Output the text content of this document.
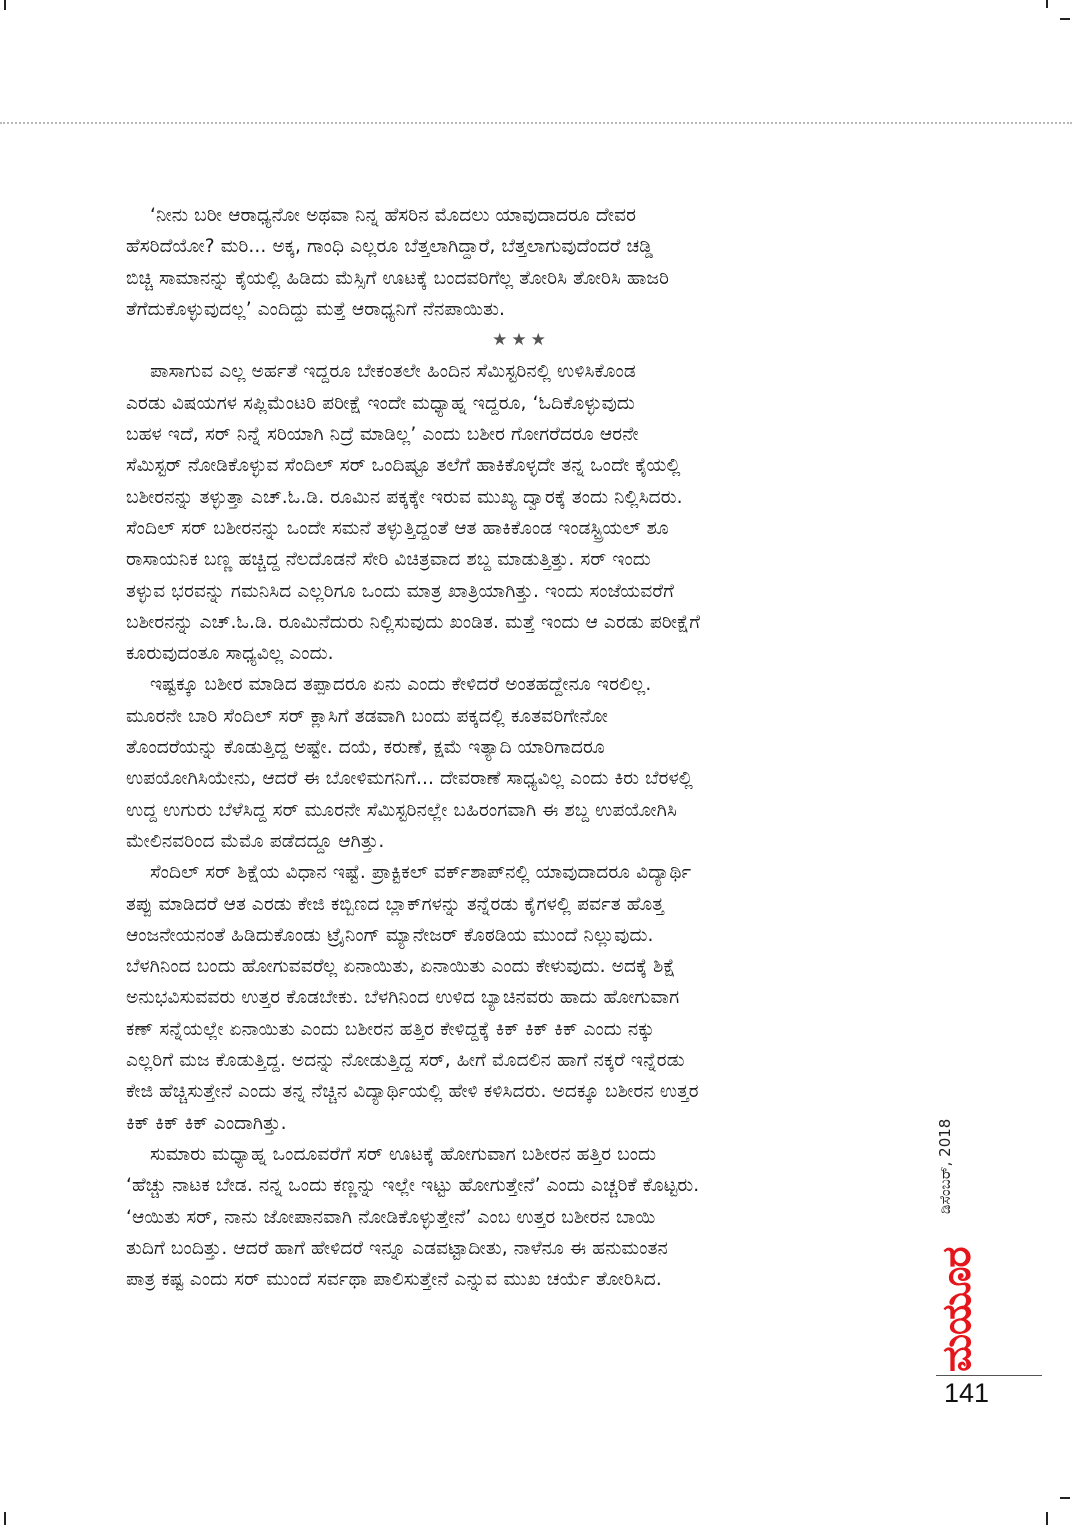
‘ನೀನು ಬರೀ ಆರಾಧ್ಯನೋ ಅಥವಾ ನಿನ್ನ ಹೆಸರಿನ ಮೊದಲು ಯಾವುದಾದರೂ ದೇವರ
ಹೆಸರಿದೆಯೋ? ಮರಿ... ಅಕ್ಕ, ಗಾಂಧಿ ಎಲ್ಲರೂ ಬೆತ್ತಲಾಗಿದ್ದಾರೆ, ಬೆತ್ತಲಾಗುವುದೆಂದರೆ ಚಡ್ಡಿ
ಬಿಚ್ಚಿ ಸಾಮಾನನ್ನು ಕೈಯಲ್ಲಿ ಹಿಡಿದು ಮೆಸ್ಸಿಗೆ ಊಟಕ್ಕೆ ಬಂದವರಿಗೆಲ್ಲ ತೋರಿಸಿ ತೋರಿಸಿ ಹಾಜರಿ
ತೆಗೆದುಕೊಳ್ಳುವುದಲ್ಲ’ ಎಂದಿದ್ದು ಮತ್ತೆ ಆರಾಧ್ಯನಿಗೆ ನೆನಪಾಯಿತು.
★★★
ಪಾಸಾಗುವ ಎಲ್ಲ ಅರ್ಹತೆ ಇದ್ದರೂ ಬೇಕಂತಲೇ ಹಿಂದಿನ ಸೆಮಿಸ್ಟರಿನಲ್ಲಿ ಉಳಿಸಿಕೊಂಡ
ಎರಡು ವಿಷಯಗಳ ಸಪ್ಲಿಮೆಂಟರಿ ಪರೀಕ್ಷೆ ಇಂದೇ ಮಧ್ಯಾಹ್ನ ಇದ್ದರೂ, ‘ಓದಿಕೊಳ್ಳುವುದು
ಬಹಳ ಇದೆ, ಸರ್ ನಿನ್ನೆ ಸರಿಯಾಗಿ ನಿದ್ರೆ ಮಾಡಿಲ್ಲ’ ಎಂದು ಬಶೀರ ಗೋಗರೆದರೂ ಆರನೇ
ಸೆಮಿಸ್ಟರ್ ನೋಡಿಕೊಳ್ಳುವ ಸೆಂದಿಲ್ ಸರ್ ಒಂದಿಷ್ಟೂ ತಲೆಗೆ ಹಾಕಿಕೊಳ್ಳದೇ ತನ್ನ ಒಂದೇ ಕೈಯಲ್ಲಿ
ಬಶೀರನನ್ನು ತಳ್ಳುತ್ತಾ ಎಚ್.ಓ.ಡಿ. ರೂಮಿನ ಪಕ್ಕಕ್ಕೇ ಇರುವ ಮುಖ್ಯ ದ್ವಾರಕ್ಕೆ ತಂದು ನಿಲ್ಲಿಸಿದರು.
ಸೆಂದಿಲ್ ಸರ್ ಬಶೀರನನ್ನು ಒಂದೇ ಸಮನೆ ತಳ್ಳುತ್ತಿದ್ದಂತೆ ಆತ ಹಾಕಿಕೊಂಡ ಇಂಡಸ್ಟ್ರಿಯಲ್ ಶೂ
ರಾಸಾಯನಿಕ ಬಣ್ಣ ಹಚ್ಚಿದ್ದ ನೆಲದೊಡನೆ ಸೇರಿ ವಿಚಿತ್ರವಾದ ಶಬ್ದ ಮಾಡುತ್ತಿತ್ತು. ಸರ್ ಇಂದು
ತಳ್ಳುವ ಭರವನ್ನು ಗಮನಿಸಿದ ಎಲ್ಲರಿಗೂ ಒಂದು ಮಾತ್ರ ಖಾತ್ರಿಯಾಗಿತ್ತು. ಇಂದು ಸಂಜೆಯವರೆಗೆ
ಬಶೀರನನ್ನು ಎಚ್.ಓ.ಡಿ. ರೂಮಿನೆದುರು ನಿಲ್ಲಿಸುವುದು ಖಂಡಿತ. ಮತ್ತೆ ಇಂದು ಆ ಎರಡು ಪರೀಕ್ಷೆಗೆ
ಕೂರುವುದಂತೂ ಸಾಧ್ಯವಿಲ್ಲ ಎಂದು.
ಇಷ್ಟಕ್ಕೂ ಬಶೀರ ಮಾಡಿದ ತಪ್ಪಾದರೂ ಏನು ಎಂದು ಕೇಳಿದರೆ ಅಂತಹದ್ದೇನೂ ಇರಲಿಲ್ಲ.
ಮೂರನೇ ಬಾರಿ ಸೆಂದಿಲ್ ಸರ್ ಕ್ಲಾಸಿಗೆ ತಡವಾಗಿ ಬಂದು ಪಕ್ಕದಲ್ಲಿ ಕೂತವರಿಗೇನೋ
ತೊಂದರೆಯನ್ನು ಕೊಡುತ್ತಿದ್ದ ಅಷ್ಟೇ. ದಯೆ, ಕರುಣೆ, ಕ್ಷಮೆ ಇತ್ಯಾದಿ ಯಾರಿಗಾದರೂ
ಉಪಯೋಗಿಸಿಯೇನು, ಆದರೆ ಈ ಬೋಳಿಮಗನಿಗೆ... ದೇವರಾಣೆ ಸಾಧ್ಯವಿಲ್ಲ ಎಂದು ಕಿರು ಬೆರಳಲ್ಲಿ
ಉದ್ದ ಉಗುರು ಬೆಳೆಸಿದ್ದ ಸರ್ ಮೂರನೇ ಸೆಮಿಸ್ಟರಿನಲ್ಲೇ ಬಹಿರಂಗವಾಗಿ ಈ ಶಬ್ದ ಉಪಯೋಗಿಸಿ
ಮೇಲಿನವರಿಂದ ಮೆಮೊ ಪಡೆದದ್ದೂ ಆಗಿತ್ತು.
ಸೆಂದಿಲ್ ಸರ್ ಶಿಕ್ಷೆಯ ವಿಧಾನ ಇಷ್ಟೆ. ಪ್ರಾಕ್ಟಿಕಲ್ ವರ್ಕ್‌ಶಾಪ್‌ನಲ್ಲಿ ಯಾವುದಾದರೂ ವಿದ್ಯಾರ್ಥಿ
ತಪ್ಪು ಮಾಡಿದರೆ ಆತ ಎರಡು ಕೇಜಿ ಕಬ್ಬಿಣದ ಬ್ಲಾಕ್‌ಗಳನ್ನು ತನ್ನೆರಡು ಕೈಗಳಲ್ಲಿ ಪರ್ವತ ಹೊತ್ತ
ಆಂಜನೇಯನಂತೆ ಹಿಡಿದುಕೊಂಡು ಟ್ರೈನಿಂಗ್ ಮ್ಯಾನೇಜರ್ ಕೊಠಡಿಯ ಮುಂದೆ ನಿಲ್ಲುವುದು.
ಬೆಳಗಿನಿಂದ ಬಂದು ಹೋಗುವವರೆಲ್ಲ ಏನಾಯಿತು, ಏನಾಯಿತು ಎಂದು ಕೇಳುವುದು. ಅದಕ್ಕೆ ಶಿಕ್ಷೆ
ಅನುಭವಿಸುವವರು ಉತ್ತರ ಕೊಡಬೇಕು. ಬೆಳಗಿನಿಂದ ಉಳಿದ ಬ್ಯಾಚಿನವರು ಹಾದು ಹೋಗುವಾಗ
ಕಣ್ ಸನ್ನೆಯಲ್ಲೇ ಏನಾಯಿತು ಎಂದು ಬಶೀರನ ಹತ್ತಿರ ಕೇಳಿದ್ದಕ್ಕೆ ಕಿಕ್ ಕಿಕ್ ಕಿಕ್ ಎಂದು ನಕ್ಕು
ಎಲ್ಲರಿಗೆ ಮಜ ಕೊಡುತ್ತಿದ್ದ. ಅದನ್ನು ನೋಡುತ್ತಿದ್ದ ಸರ್, ಹೀಗೆ ಮೊದಲಿನ ಹಾಗೆ ನಕ್ಕರೆ ಇನ್ನೆರಡು
ಕೇಜಿ ಹೆಚ್ಚಿಸುತ್ತೇನೆ ಎಂದು ತನ್ನ ನೆಚ್ಚಿನ ವಿದ್ಯಾರ್ಥಿಯಲ್ಲಿ ಹೇಳಿ ಕಳಿಸಿದರು. ಅದಕ್ಕೂ ಬಶೀರನ ಉತ್ತರ
ಕಿಕ್ ಕಿಕ್ ಕಿಕ್ ಎಂದಾಗಿತ್ತು.
ಸುಮಾರು ಮಧ್ಯಾಹ್ನ ಒಂದೂವರೆಗೆ ಸರ್ ಊಟಕ್ಕೆ ಹೋಗುವಾಗ ಬಶೀರನ ಹತ್ತಿರ ಬಂದು
‘ಹೆಚ್ಚು ನಾಟಕ ಬೇಡ. ನನ್ನ ಒಂದು ಕಣ್ಣನ್ನು ಇಲ್ಲೇ ಇಟ್ಟು ಹೋಗುತ್ತೇನೆ’ ಎಂದು ಎಚ್ಚರಿಕೆ ಕೊಟ್ಟರು.
‘ಆಯಿತು ಸರ್, ನಾನು ಜೋಪಾನವಾಗಿ ನೋಡಿಕೊಳ್ಳುತ್ತೇನೆ’ ಎಂಬ ಉತ್ತರ ಬಶೀರನ ಬಾಯಿ
ತುದಿಗೆ ಬಂದಿತ್ತು. ಆದರೆ ಹಾಗೆ ಹೇಳಿದರೆ ಇನ್ನೂ ಎಡವಟ್ಟಾದೀತು, ನಾಳೆನೂ ಈ ಹನುಮಂತನ
ಪಾತ್ರ ಕಷ್ಟ ಎಂದು ಸರ್ ಮುಂದೆ ಸರ್ವಥಾ ಪಾಲಿಸುತ್ತೇನೆ ಎನ್ನುವ ಮುಖ ಚರ್ಯೆ ತೋರಿಸಿದ.
ಡಿಸೆಂಬರ್, 2018
ಮಯೂರ
141
